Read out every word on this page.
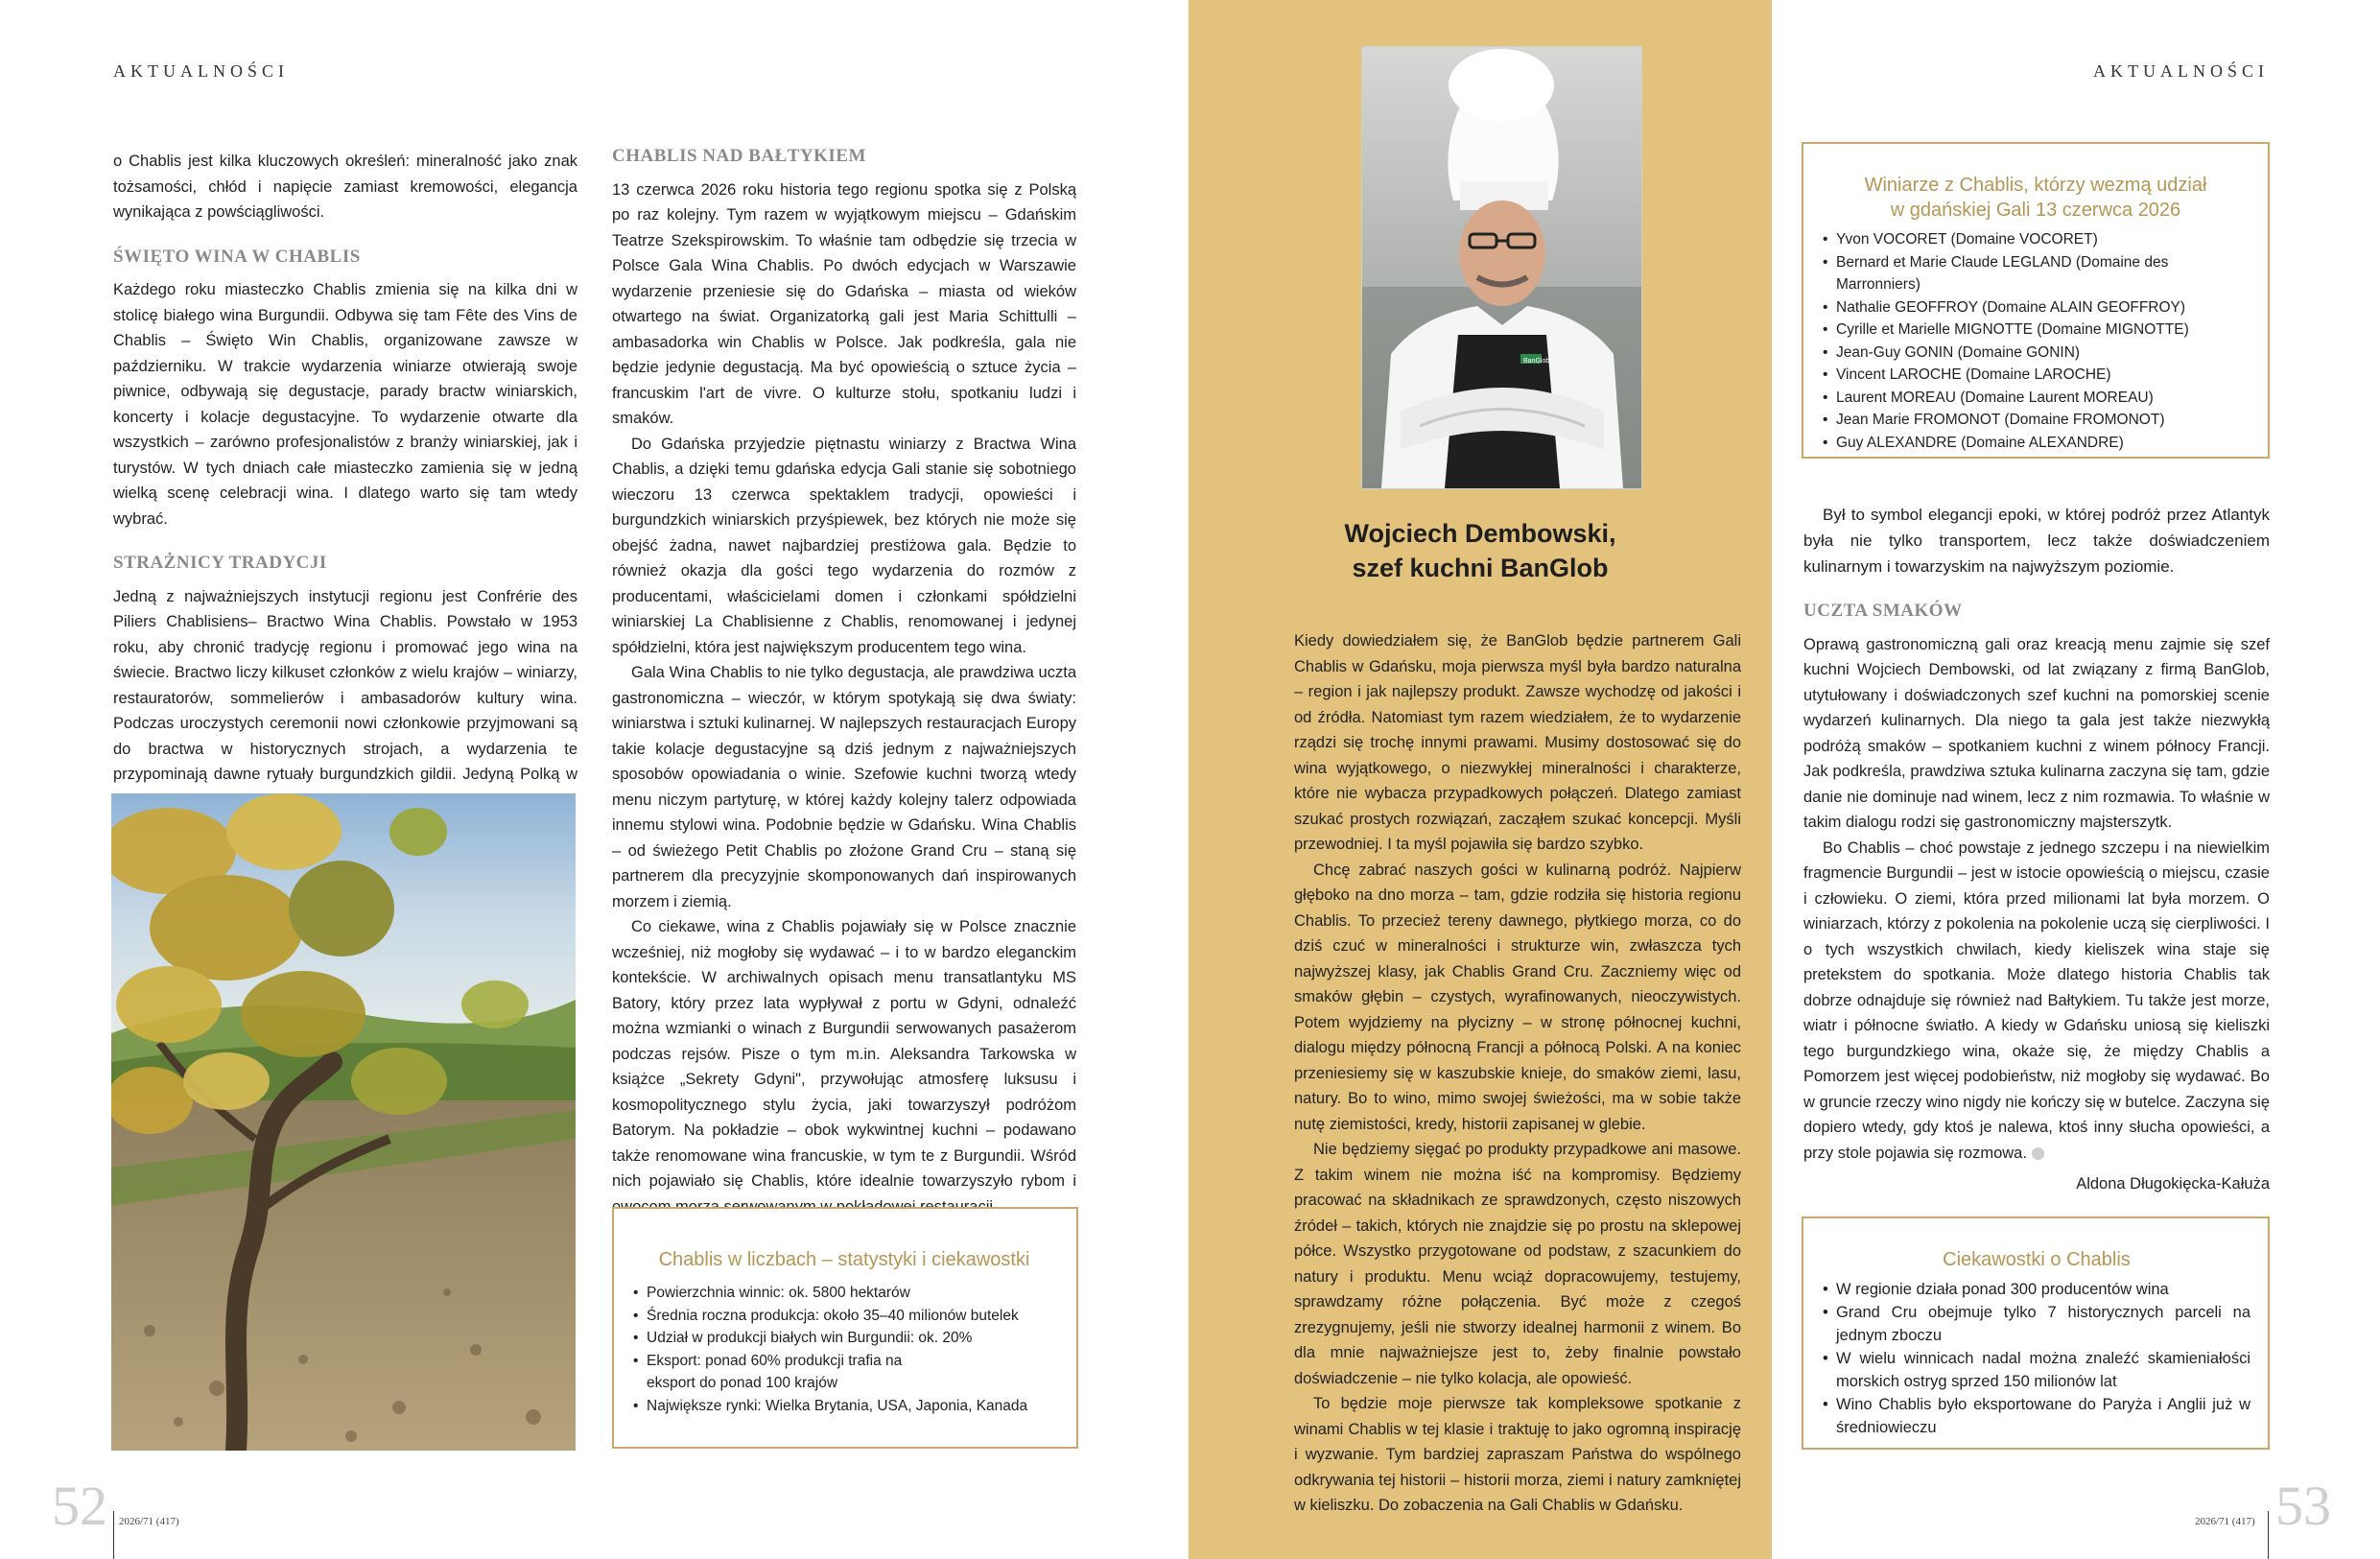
AKTUALNOŚCI	AKTUALNOŚCI

o Chablis jest kilka kluczowych określeń: mineralność jako znak tożsamości, chłód i napięcie zamiast kremowości, elegancja wynikająca z powściągliwości.

ŚWIĘTO WINA W CHABLIS

Każdego roku miasteczko Chablis zmienia się na kilka dni w stolicę białego wina Burgundii. Odbywa się tam Fête des Vins de Chablis – Święto Win Chablis, organizowane zawsze w październiku. W trakcie wydarzenia winiarze otwierają swoje piwnice, odbywają się degustacje, parady bractw winiarskich, koncerty i kolacje degustacyjne. To wydarzenie otwarte dla wszystkich – zarówno profesjonalistów z branży winiarskiej, jak i turystów. W tych dniach całe miasteczko zamienia się w jedną wielką scenę celebracji wina. I dlatego warto się tam wtedy wybrać.

STRAŻNICY TRADYCJI

Jedną z najważniejszych instytucji regionu jest Confrérie des Piliers Chablisiens– Bractwo Wina Chablis. Powstało w 1953 roku, aby chronić tradycję regionu i promować jego wina na świecie. Bractwo liczy kilkuset członków z wielu krajów – winiarzy, restauratorów, sommelierów i ambasadorów kultury wina. Podczas uroczystych ceremonii nowi członkowie przyjmowani są do bractwa w historycznych strojach, a wydarzenia te przypominają dawne rytuały burgundzkich gildii. Jedyną Polką w

CHABLIS NAD BAŁTYKIEM

13 czerwca 2026 roku historia tego regionu spotka się z Polską po raz kolejny. Tym razem w wyjątkowym miejscu – Gdańskim Teatrze Szekspirowskim. To właśnie tam odbędzie się trzecia w Polsce Gala Wina Chablis. Po dwóch edycjach w Warszawie wydarzenie przeniesie się do Gdańska – miasta od wieków otwartego na świat. Organizatorką gali jest Maria Schittulli – ambasadorka win Chablis w Polsce. Jak podkreśla, gala nie będzie jedynie degustacją. Ma być opowieścią o sztuce życia – francuskim l'art de vivre. O kulturze stołu, spotkaniu ludzi i smaków.

Do Gdańska przyjedzie piętnastu winiarzy z Bractwa Wina Chablis, a dzięki temu gdańska edycja Gali stanie się sobotniego wieczoru 13 czerwca spektaklem tradycji, opowieści i burgundzkich winiarskich przyśpiewek, bez których nie może się obejść żadna, nawet najbardziej prestiżowa gala. Będzie to również okazja dla gości tego wydarzenia do rozmów z producentami, właścicielami domen i członkami spółdzielni winiarskiej La Chablisienne z Chablis, renomowanej i jedynej spółdzielni, która jest największym producentem tego wina.

Gala Wina Chablis to nie tylko degustacja, ale prawdziwa uczta gastronomiczna – wieczór, w którym spotykają się dwa światy: winiarstwa i sztuki kulinarnej. W najlepszych restauracjach Europy takie kolacje degustacyjne są dziś jednym z najważniejszych sposobów opowiadania o winie. Szefowie kuchni tworzą wtedy menu niczym partyturę, w której każdy kolejny talerz odpowiada innemu stylowi wina. Podobnie będzie w Gdańsku. Wina Chablis – od świeżego Petit Chablis po złożone Grand Cru – staną się partnerem dla precyzyjnie skomponowanych dań inspirowanych morzem i ziemią.

Co ciekawe, wina z Chablis pojawiały się w Polsce znacznie wcześniej, niż mogłoby się wydawać – i to w bardzo eleganckim kontekście. W archiwalnych opisach menu transatlantyku MS Batory, który przez lata wypływał z portu w Gdyni, odnaleźć można wzmianki o winach z Burgundii serwowanych pasażerom podczas rejsów. Pisze o tym m.in. Aleksandra Tarkowska w książce „Sekrety Gdyni", przywołując atmosferę luksusu i kosmopolitycznego stylu życia, jaki towarzyszył podróżom Batorym. Na pokładzie – obok wykwintnej kuchni – podawano także renomowane wina francuskie, w tym te z Burgundii. Wśród nich pojawiało się Chablis, które idealnie towarzyszyło rybom i

Chablis w liczbach – statystyki i ciekawostki
• Powierzchnia winnic: ok. 5800 hektarów
• Średnia roczna produkcja: około 35–40 milionów butelek
• Udział w produkcji białych win Burgundii: ok. 20%
• Eksport: ponad 60% produkcji trafia na eksport do ponad 100 krajów
• Największe rynki: Wielka Brytania, USA, Japonia, Kanada
BanGlob
Wojciech Dembowski,
szef kuchni BanGlob

Kiedy dowiedziałem się, że BanGlob będzie partnerem Gali Chablis w Gdańsku, moja pierwsza myśl była bardzo naturalna – region i jak najlepszy produkt. Zawsze wychodzę od jakości i od źródła. Natomiast tym razem wiedziałem, że to wydarzenie rządzi się trochę innymi prawami. Musimy dostosować się do wina wyjątkowego, o niezwykłej mineralności i charakterze, które nie wybacza przypadkowych połączeń. Dlatego zamiast szukać prostych rozwiązań, zacząłem szukać koncepcji. Myśli przewodniej. I ta myśl pojawiła się bardzo szybko.

Chcę zabrać naszych gości w kulinarną podróż. Najpierw głęboko na dno morza – tam, gdzie rodziła się historia regionu Chablis. To przecież tereny dawnego, płytkiego morza, co do dziś czuć w mineralności i strukturze win, zwłaszcza tych najwyższej klasy, jak Chablis Grand Cru. Zaczniemy więc od smaków głębin – czystych, wyrafinowanych, nieoczywistych. Potem wyjdziemy na płycizny – w stronę północnej kuchni, dialogu między północną Francji a północą Polski. A na koniec przeniesiemy się w kaszubskie knieje, do smaków ziemi, lasu, natury. Bo to wino, mimo swojej świeżości, ma w sobie także nutę ziemistości, kredy, historii zapisanej w glebie.

Nie będziemy sięgać po produkty przypadkowe ani masowe. Z takim winem nie można iść na kompromisy. Będziemy pracować na składnikach ze sprawdzonych, często niszowych źródeł – takich, których nie znajdzie się po prostu na sklepowej półce. Wszystko przygotowane od podstaw, z szacunkiem do natury i produktu. Menu wciąż dopracowujemy, testujemy, sprawdzamy różne połączenia. Być może z czegoś zrezygnujemy, jeśli nie stworzy idealnej harmonii z winem. Bo dla mnie najważniejsze jest to, żeby finalnie powstało doświadczenie – nie tylko kolacja, ale opowieść.

To będzie moje pierwsze tak kompleksowe spotkanie z winami Chablis w tej klasie i traktuję to jako ogromną inspirację i wyzwanie. Tym bardziej zapraszam Państwa do wspólnego odkrywania tej historii – historii morza, ziemi i natury zamkniętej w kieliszku. Do zobaczenia na Gali Chablis w Gdańsku.

Winiarze z Chablis, którzy wezmą udział
w gdańskiej Gali 13 czerwca 2026
• Yvon VOCORET (Domaine VOCORET)
• Bernard et Marie Claude LEGLAND (Domaine des Marronniers)
• Nathalie GEOFFROY (Domaine ALAIN GEOFFROY)
• Cyrille et Marielle MIGNOTTE (Domaine MIGNOTTE)
• Jean-Guy GONIN (Domaine GONIN)
• Vincent LAROCHE (Domaine LAROCHE)
• Laurent MOREAU (Domaine Laurent MOREAU)
• Jean Marie FROMONOT (Domaine FROMONOT)
• Guy ALEXANDRE (Domaine ALEXANDRE)

Był to symbol elegancji epoki, w której podróż przez Atlantyk była nie tylko transportem, lecz także doświadczeniem kulinarnym i towarzyskim na najwyższym poziomie.

UCZTA SMAKÓW

Oprawą gastronomiczną gali oraz kreacją menu zajmie się szef kuchni Wojciech Dembowski, od lat związany z firmą BanGlob, utytułowany i doświadczonych szef kuchni na pomorskiej scenie wydarzeń kulinarnych. Dla niego ta gala jest także niezwykłą podróżą smaków – spotkaniem kuchni z winem północy Francji. Jak podkreśla, prawdziwa sztuka kulinarna zaczyna się tam, gdzie danie nie dominuje nad winem, lecz z nim rozmawia. To właśnie w takim dialogu rodzi się gastronomiczny majsterszytk.

Bo Chablis – choć powstaje z jednego szczepu i na niewielkim fragmencie Burgundii – jest w istocie opowieścią o miejscu, czasie i człowieku. O ziemi, która przed milionami lat była morzem. O winiarzach, którzy z pokolenia na pokolenie uczą się cierpliwości. I o tych wszystkich chwilach, kiedy kieliszek wina staje się pretekstem do spotkania. Może dlatego historia Chablis tak dobrze odnajduje się również nad Bałtykiem. Tu także jest morze, wiatr i północne światło. A kiedy w Gdańsku uniosą się kieliszki tego burgundzkiego wina, okaże się, że między Chablis a Pomorzem jest więcej podobieństw, niż mogłoby się wydawać. Bo w gruncie rzeczy wino nigdy nie kończy się w butelce. Zaczyna się dopiero wtedy, gdy ktoś je nalewa, ktoś inny słucha opowieści, a przy stole pojawia się rozmowa.

Aldona Długokięcka-Kałuża

Ciekawostki o Chablis
• W regionie działa ponad 300 producentów wina
• Grand Cru obejmuje tylko 7 historycznych parceli na jednym zboczu
• W wielu winnicach nadal można znaleźć skamieniałości morskich ostryg sprzed 150 milionów lat
• Wino Chablis było eksportowane do Paryża i Anglii już w średniowieczu
52 2026/71 (417)	53
2026/71 (417)
